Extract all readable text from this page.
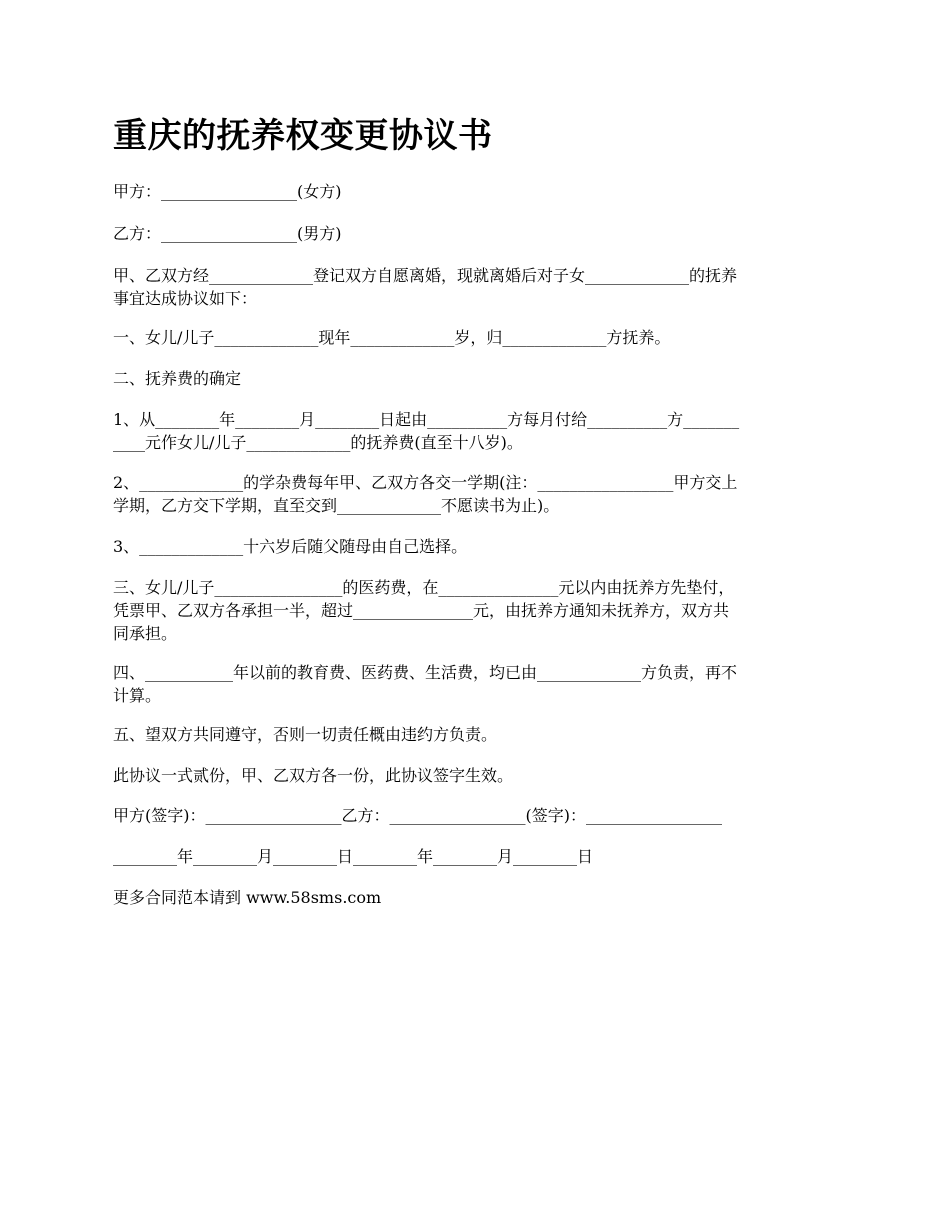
重庆的抚养权变更协议书

甲方：_________________(女方)

乙方：_________________(男方)

甲、乙双方经_____________登记双方自愿离婚，现就离婚后对子女_____________的抚养
事宜达成协议如下：

一、女儿/儿子_____________现年_____________岁，归_____________方抚养。

二、抚养费的确定

1、从________年________月________日起由__________方每月付给__________方_______
____元作女儿/儿子_____________的抚养费(直至十八岁)。

2、_____________的学杂费每年甲、乙双方各交一学期(注：_________________甲方交上
学期，乙方交下学期，直至交到_____________不愿读书为止)。

3、_____________十六岁后随父随母由自己选择。

三、女儿/儿子________________的医药费，在_______________元以内由抚养方先垫付，
凭票甲、乙双方各承担一半，超过_______________元，由抚养方通知未抚养方，双方共
同承担。

四、___________年以前的教育费、医药费、生活费，均已由_____________方负责，再不
计算。

五、望双方共同遵守，否则一切责任概由违约方负责。

此协议一式贰份，甲、乙双方各一份，此协议签字生效。

甲方(签字)：_________________乙方：_________________(签字)：_________________

________年________月________日________年________月________日

更多合同范本请到 www.58sms.com
